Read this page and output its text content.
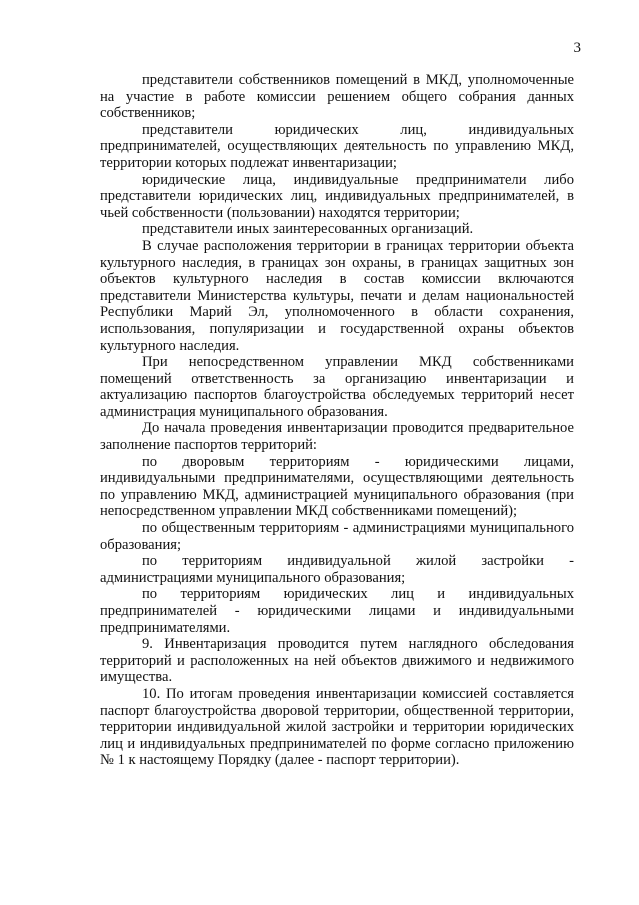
3

представители собственников помещений в МКД, уполномоченные на участие в работе комиссии решением общего собрания данных собственников;

представители юридических лиц, индивидуальных предпринимателей, осуществляющих деятельность по управлению МКД, территории которых подлежат инвентаризации;

юридические лица, индивидуальные предприниматели либо представители юридических лиц, индивидуальных предпринимателей, в чьей собственности (пользовании) находятся территории;

представители иных заинтересованных организаций.

В случае расположения территории в границах территории объекта культурного наследия, в границах зон охраны, в границах защитных зон объектов культурного наследия в состав комиссии включаются представители Министерства культуры, печати и делам национальностей Республики Марий Эл, уполномоченного в области сохранения, использования, популяризации и государственной охраны объектов культурного наследия.

При непосредственном управлении МКД собственниками помещений ответственность за организацию инвентаризации и актуализацию паспортов благоустройства обследуемых территорий несет администрация муниципального образования.

До начала проведения инвентаризации проводится предварительное заполнение паспортов территорий:

по дворовым территориям - юридическими лицами, индивидуальными предпринимателями, осуществляющими деятельность по управлению МКД, администрацией муниципального образования (при непосредственном управлении МКД собственниками помещений);

по общественным территориям - администрациями муниципального образования;

по территориям индивидуальной жилой застройки - администрациями муниципального образования;

по территориям юридических лиц и индивидуальных предпринимателей - юридическими лицами и индивидуальными предпринимателями.

9. Инвентаризация проводится путем наглядного обследования территорий и расположенных на ней объектов движимого и недвижимого имущества.

10. По итогам проведения инвентаризации комиссией составляется паспорт благоустройства дворовой территории, общественной территории, территории индивидуальной жилой застройки и территории юридических лиц и индивидуальных предпринимателей по форме согласно приложению № 1 к настоящему Порядку (далее - паспорт территории).
